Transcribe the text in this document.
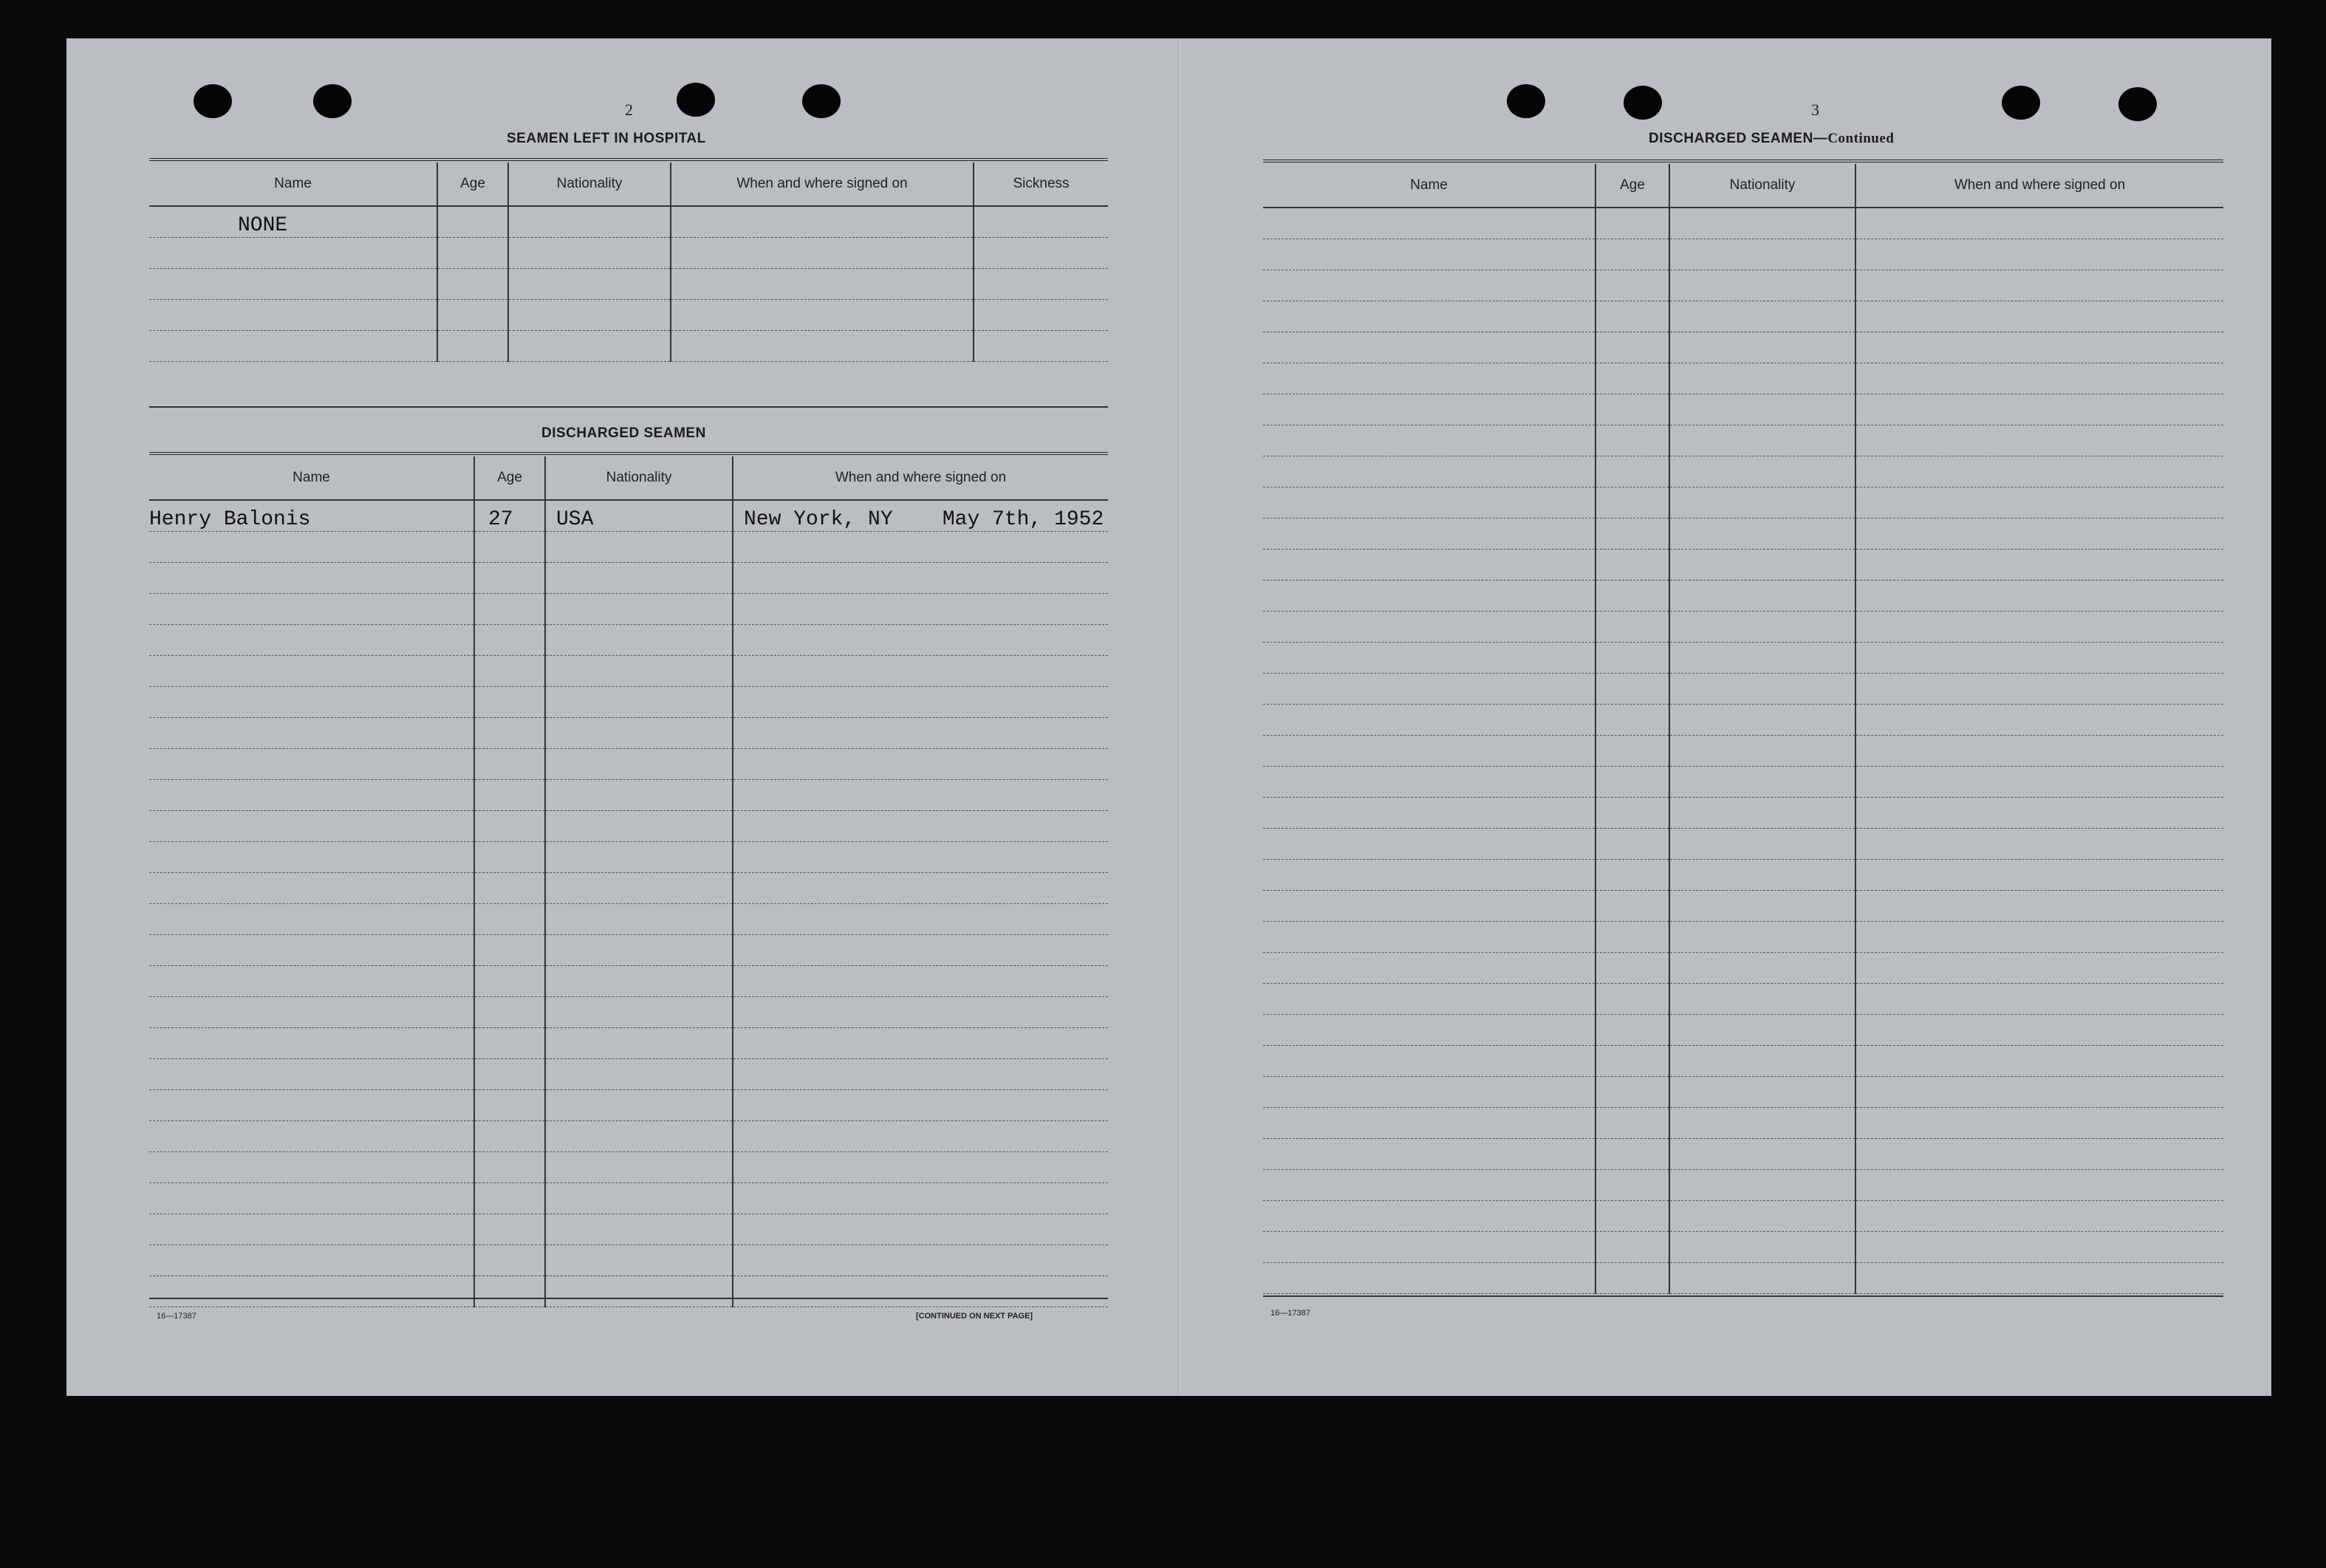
2
SEAMEN LEFT IN HOSPITAL
Name	Age	Nationality	When and where signed on	Sickness
NONE				

DISCHARGED SEAMEN
Name	Age	Nationality	When and where signed on
Henry Balonis	27	USA	New York, NY    May 7th, 1952

16—17387	[CONTINUED ON NEXT PAGE]
3
DISCHARGED SEAMEN—Continued
Name	Age	Nationality	When and where signed on

16—17387
